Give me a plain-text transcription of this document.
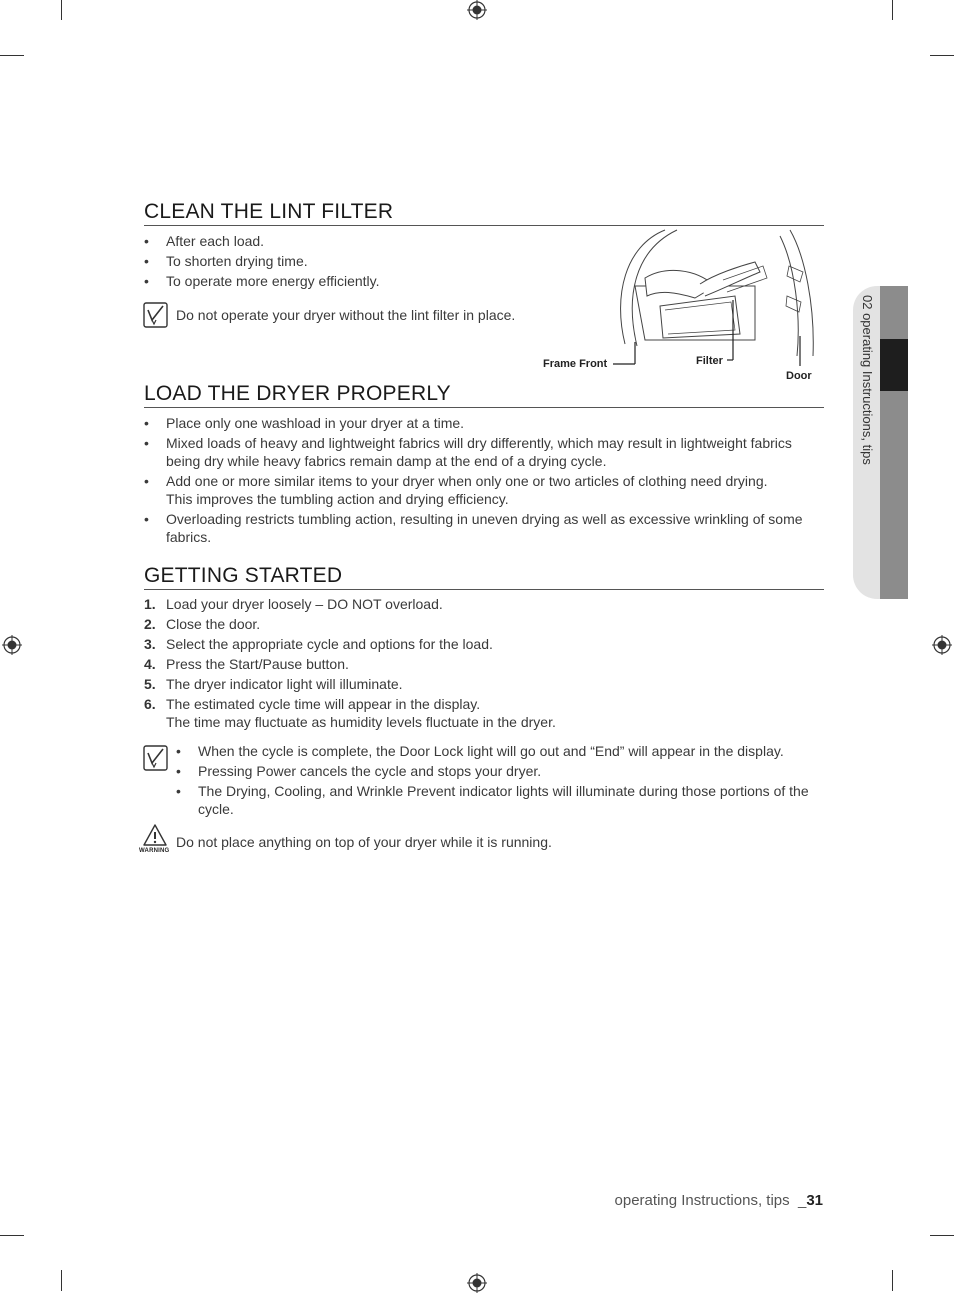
02 operating Instructions, tips
CLEAN THE LINT FILTER
• After each load.
• To shorten drying time.
• To operate more energy efficiently.
Do not operate your dryer without the lint filter in place.
Frame Front	Filter
Door
LOAD THE DRYER PROPERLY
• Place only one washload in your dryer at a time.
• Mixed loads of heavy and lightweight fabrics will dry differently, which may result in lightweight fabrics being dry while heavy fabrics remain damp at the end of a drying cycle.
• Add one or more similar items to your dryer when only one or two articles of clothing need drying.
This improves the tumbling action and drying efficiency.
• Overloading restricts tumbling action, resulting in uneven drying as well as excessive wrinkling of some fabrics.
GETTING STARTED
1. Load your dryer loosely – DO NOT overload.
2. Close the door.
3. Select the appropriate cycle and options for the load.
4. Press the Start/Pause button.
5. The dryer indicator light will illuminate.
6. The estimated cycle time will appear in the display.
The time may fluctuate as humidity levels fluctuate in the dryer.
• When the cycle is complete, the Door Lock light will go out and “End” will appear in the display.
• Pressing Power cancels the cycle and stops your dryer.
• The Drying, Cooling, and Wrinkle Prevent indicator lights will illuminate during those portions of the cycle.
WARNING
Do not place anything on top of your dryer while it is running.
operating Instructions, tips  _31
